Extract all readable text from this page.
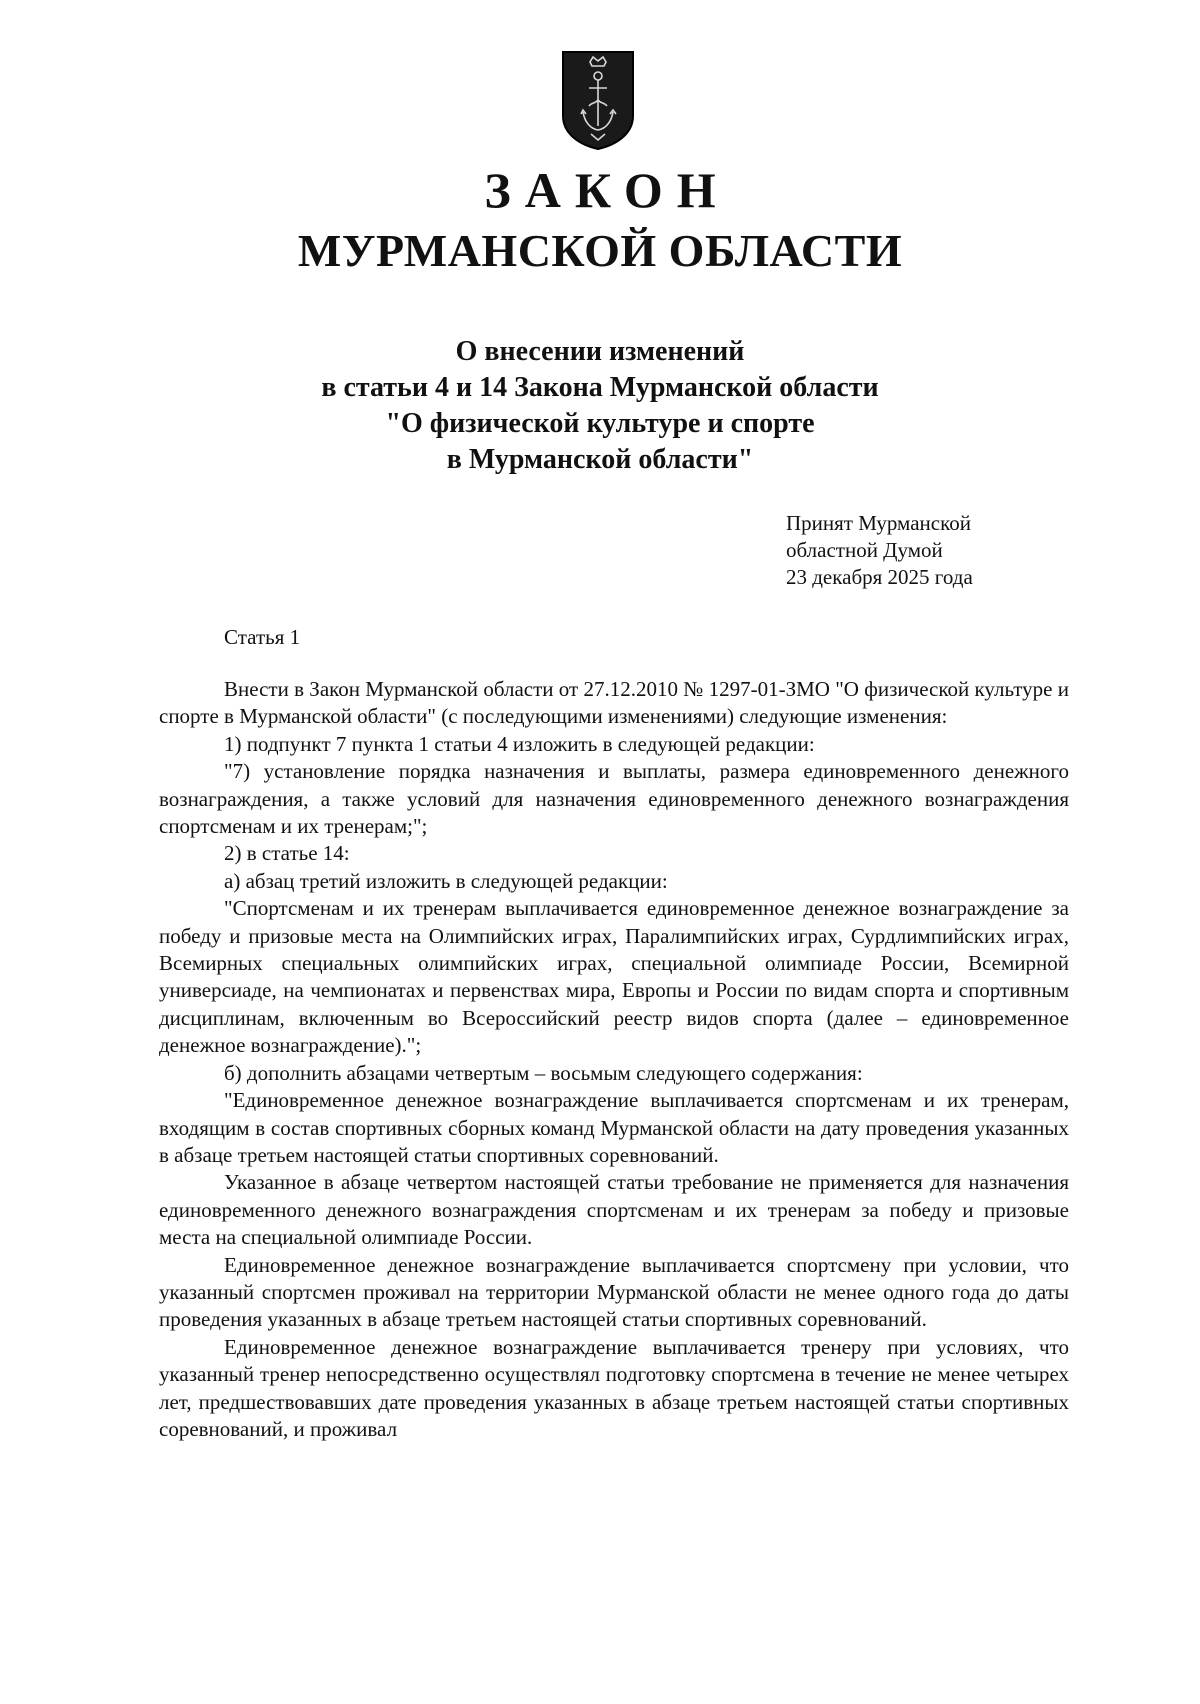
ЗАКОН
МУРМАНСКОЙ ОБЛАСТИ
О внесении изменений
в статьи 4 и 14 Закона Мурманской области
"О физической культуре и спорте
в Мурманской области"
Принят Мурманской
областной Думой
23 декабря 2025 года
Статья 1

Внести в Закон Мурманской области от 27.12.2010 № 1297-01-ЗМО "О физической культуре и спорте в Мурманской области" (с последующими изменениями) следующие изменения:

1) подпункт 7 пункта 1 статьи 4 изложить в следующей редакции:

"7) установление порядка назначения и выплаты, размера единовременного денежного вознаграждения, а также условий для назначения единовременного денежного вознаграждения спортсменам и их тренерам;";

2) в статье 14:

а) абзац третий изложить в следующей редакции:

"Спортсменам и их тренерам выплачивается единовременное денежное вознаграждение за победу и призовые места на Олимпийских играх, Паралимпийских играх, Сурдлимпийских играх, Всемирных специальных олимпийских играх, специальной олимпиаде России, Всемирной универсиаде, на чемпионатах и первенствах мира, Европы и России по видам спорта и спортивным дисциплинам, включенным во Всероссийский реестр видов спорта (далее – единовременное денежное вознаграждение).";

б) дополнить абзацами четвертым – восьмым следующего содержания:

"Единовременное денежное вознаграждение выплачивается спортсменам и их тренерам, входящим в состав спортивных сборных команд Мурманской области на дату проведения указанных в абзаце третьем настоящей статьи спортивных соревнований.

Указанное в абзаце четвертом настоящей статьи требование не применяется для назначения единовременного денежного вознаграждения спортсменам и их тренерам за победу и призовые места на специальной олимпиаде России.

Единовременное денежное вознаграждение выплачивается спортсмену при условии, что указанный спортсмен проживал на территории Мурманской области не менее одного года до даты проведения указанных в абзаце третьем настоящей статьи спортивных соревнований.

Единовременное денежное вознаграждение выплачивается тренеру при условиях, что указанный тренер непосредственно осуществлял подготовку спортсмена в течение не менее четырех лет, предшествовавших дате проведения указанных в абзаце третьем настоящей статьи спортивных соревнований, и проживал
